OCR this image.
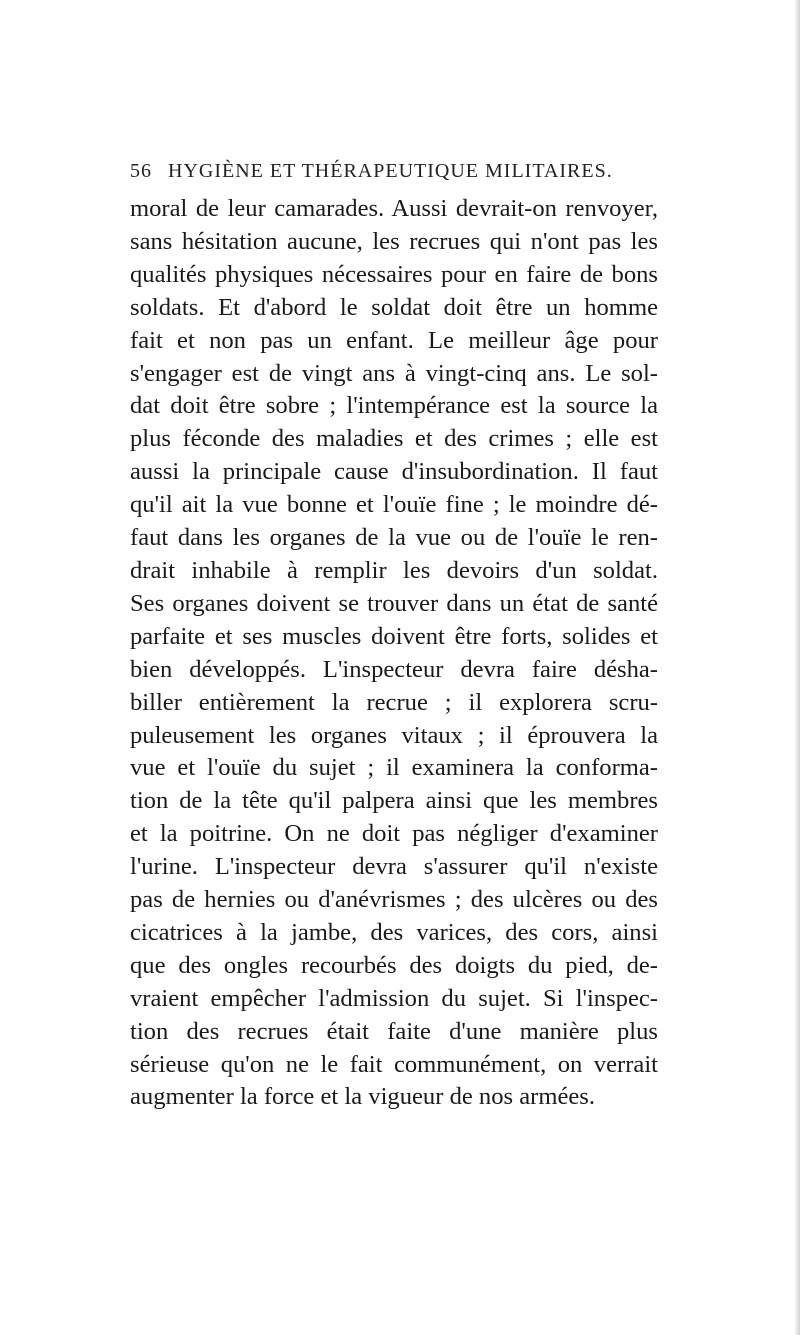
56 HYGIÈNE ET THÉRAPEUTIQUE MILITAIRES.
moral de leur camarades. Aussi devrait-on renvoyer,
sans hésitation aucune, les recrues qui n'ont pas les
qualités physiques nécessaires pour en faire de bons
soldats. Et d'abord le soldat doit être un homme
fait et non pas un enfant. Le meilleur âge pour
s'engager est de vingt ans à vingt-cinq ans. Le sol-
dat doit être sobre ; l'intempérance est la source la
plus féconde des maladies et des crimes ; elle est
aussi la principale cause d'insubordination. Il faut
qu'il ait la vue bonne et l'ouïe fine ; le moindre dé-
faut dans les organes de la vue ou de l'ouïe le ren-
drait inhabile à remplir les devoirs d'un soldat.
Ses organes doivent se trouver dans un état de santé
parfaite et ses muscles doivent être forts, solides et
bien développés. L'inspecteur devra faire désha-
biller entièrement la recrue ; il explorera scru-
puleusement les organes vitaux ; il éprouvera la
vue et l'ouïe du sujet ; il examinera la conforma-
tion de la tête qu'il palpera ainsi que les membres
et la poitrine. On ne doit pas négliger d'examiner
l'urine. L'inspecteur devra s'assurer qu'il n'existe
pas de hernies ou d'anévrismes ; des ulcères ou des
cicatrices à la jambe, des varices, des cors, ainsi
que des ongles recourbés des doigts du pied, de-
vraient empêcher l'admission du sujet. Si l'inspec-
tion des recrues était faite d'une manière plus
sérieuse qu'on ne le fait communément, on verrait
augmenter la force et la vigueur de nos armées.
